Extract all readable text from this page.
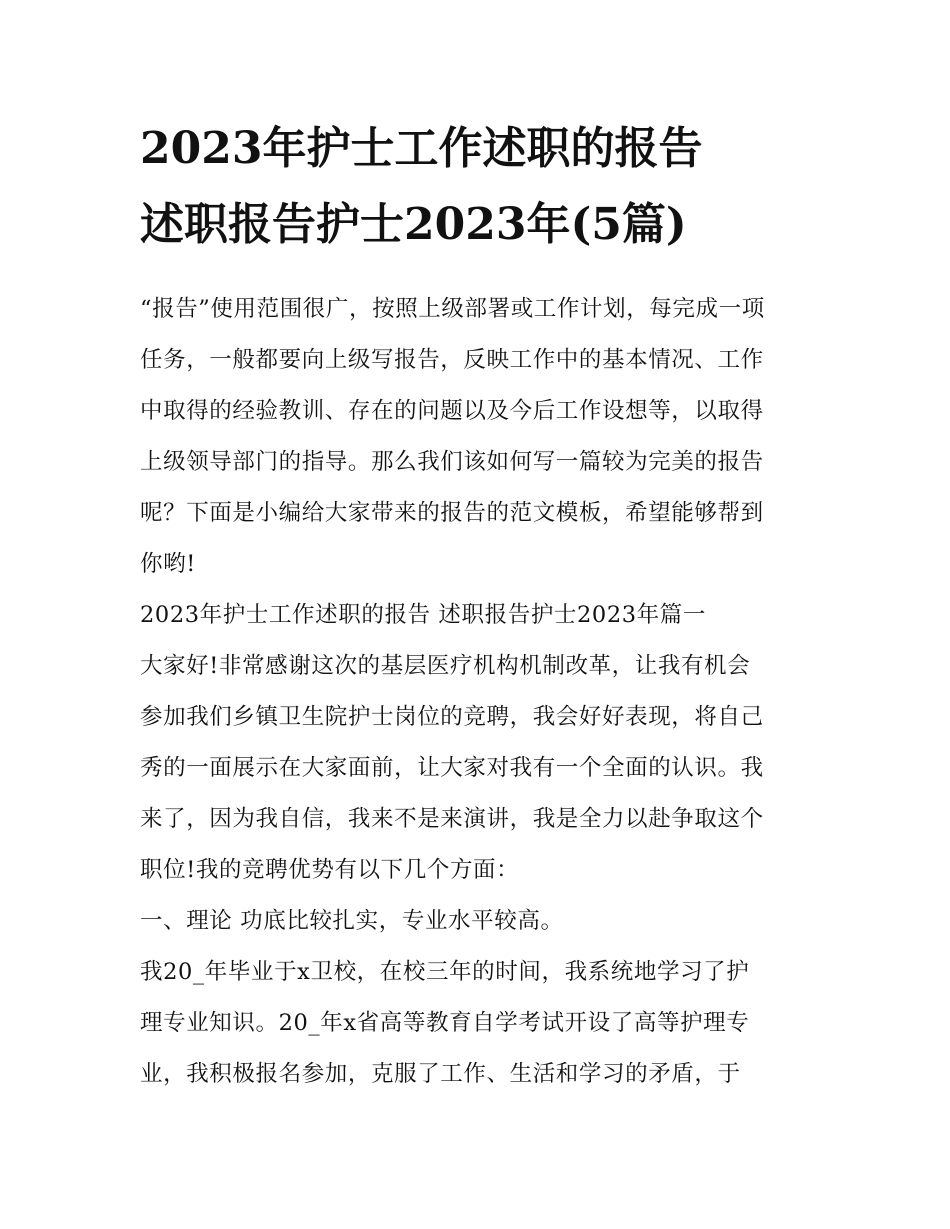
2023年护士工作述职的报告
述职报告护士2023年(5篇)
“报告”使用范围很广，按照上级部署或工作计划，每完成一项
任务，一般都要向上级写报告，反映工作中的基本情况、工作
中取得的经验教训、存在的问题以及今后工作设想等，以取得
上级领导部门的指导。那么我们该如何写一篇较为完美的报告
呢？下面是小编给大家带来的报告的范文模板，希望能够帮到
你哟!
2023年护士工作述职的报告 述职报告护士2023年篇一
大家好!非常感谢这次的基层医疗机构机制改革，让我有机会
参加我们乡镇卫生院护士岗位的竞聘，我会好好表现，将自己
秀的一面展示在大家面前，让大家对我有一个全面的认识。我
来了，因为我自信，我来不是来演讲，我是全力以赴争取这个
职位!我的竞聘优势有以下几个方面：
一、理论 功底比较扎实，专业水平较高。
我20_年毕业于x卫校，在校三年的时间，我系统地学习了护
理专业知识。20_年x省高等教育自学考试开设了高等护理专
业，我积极报名参加，克服了工作、生活和学习的矛盾，于
